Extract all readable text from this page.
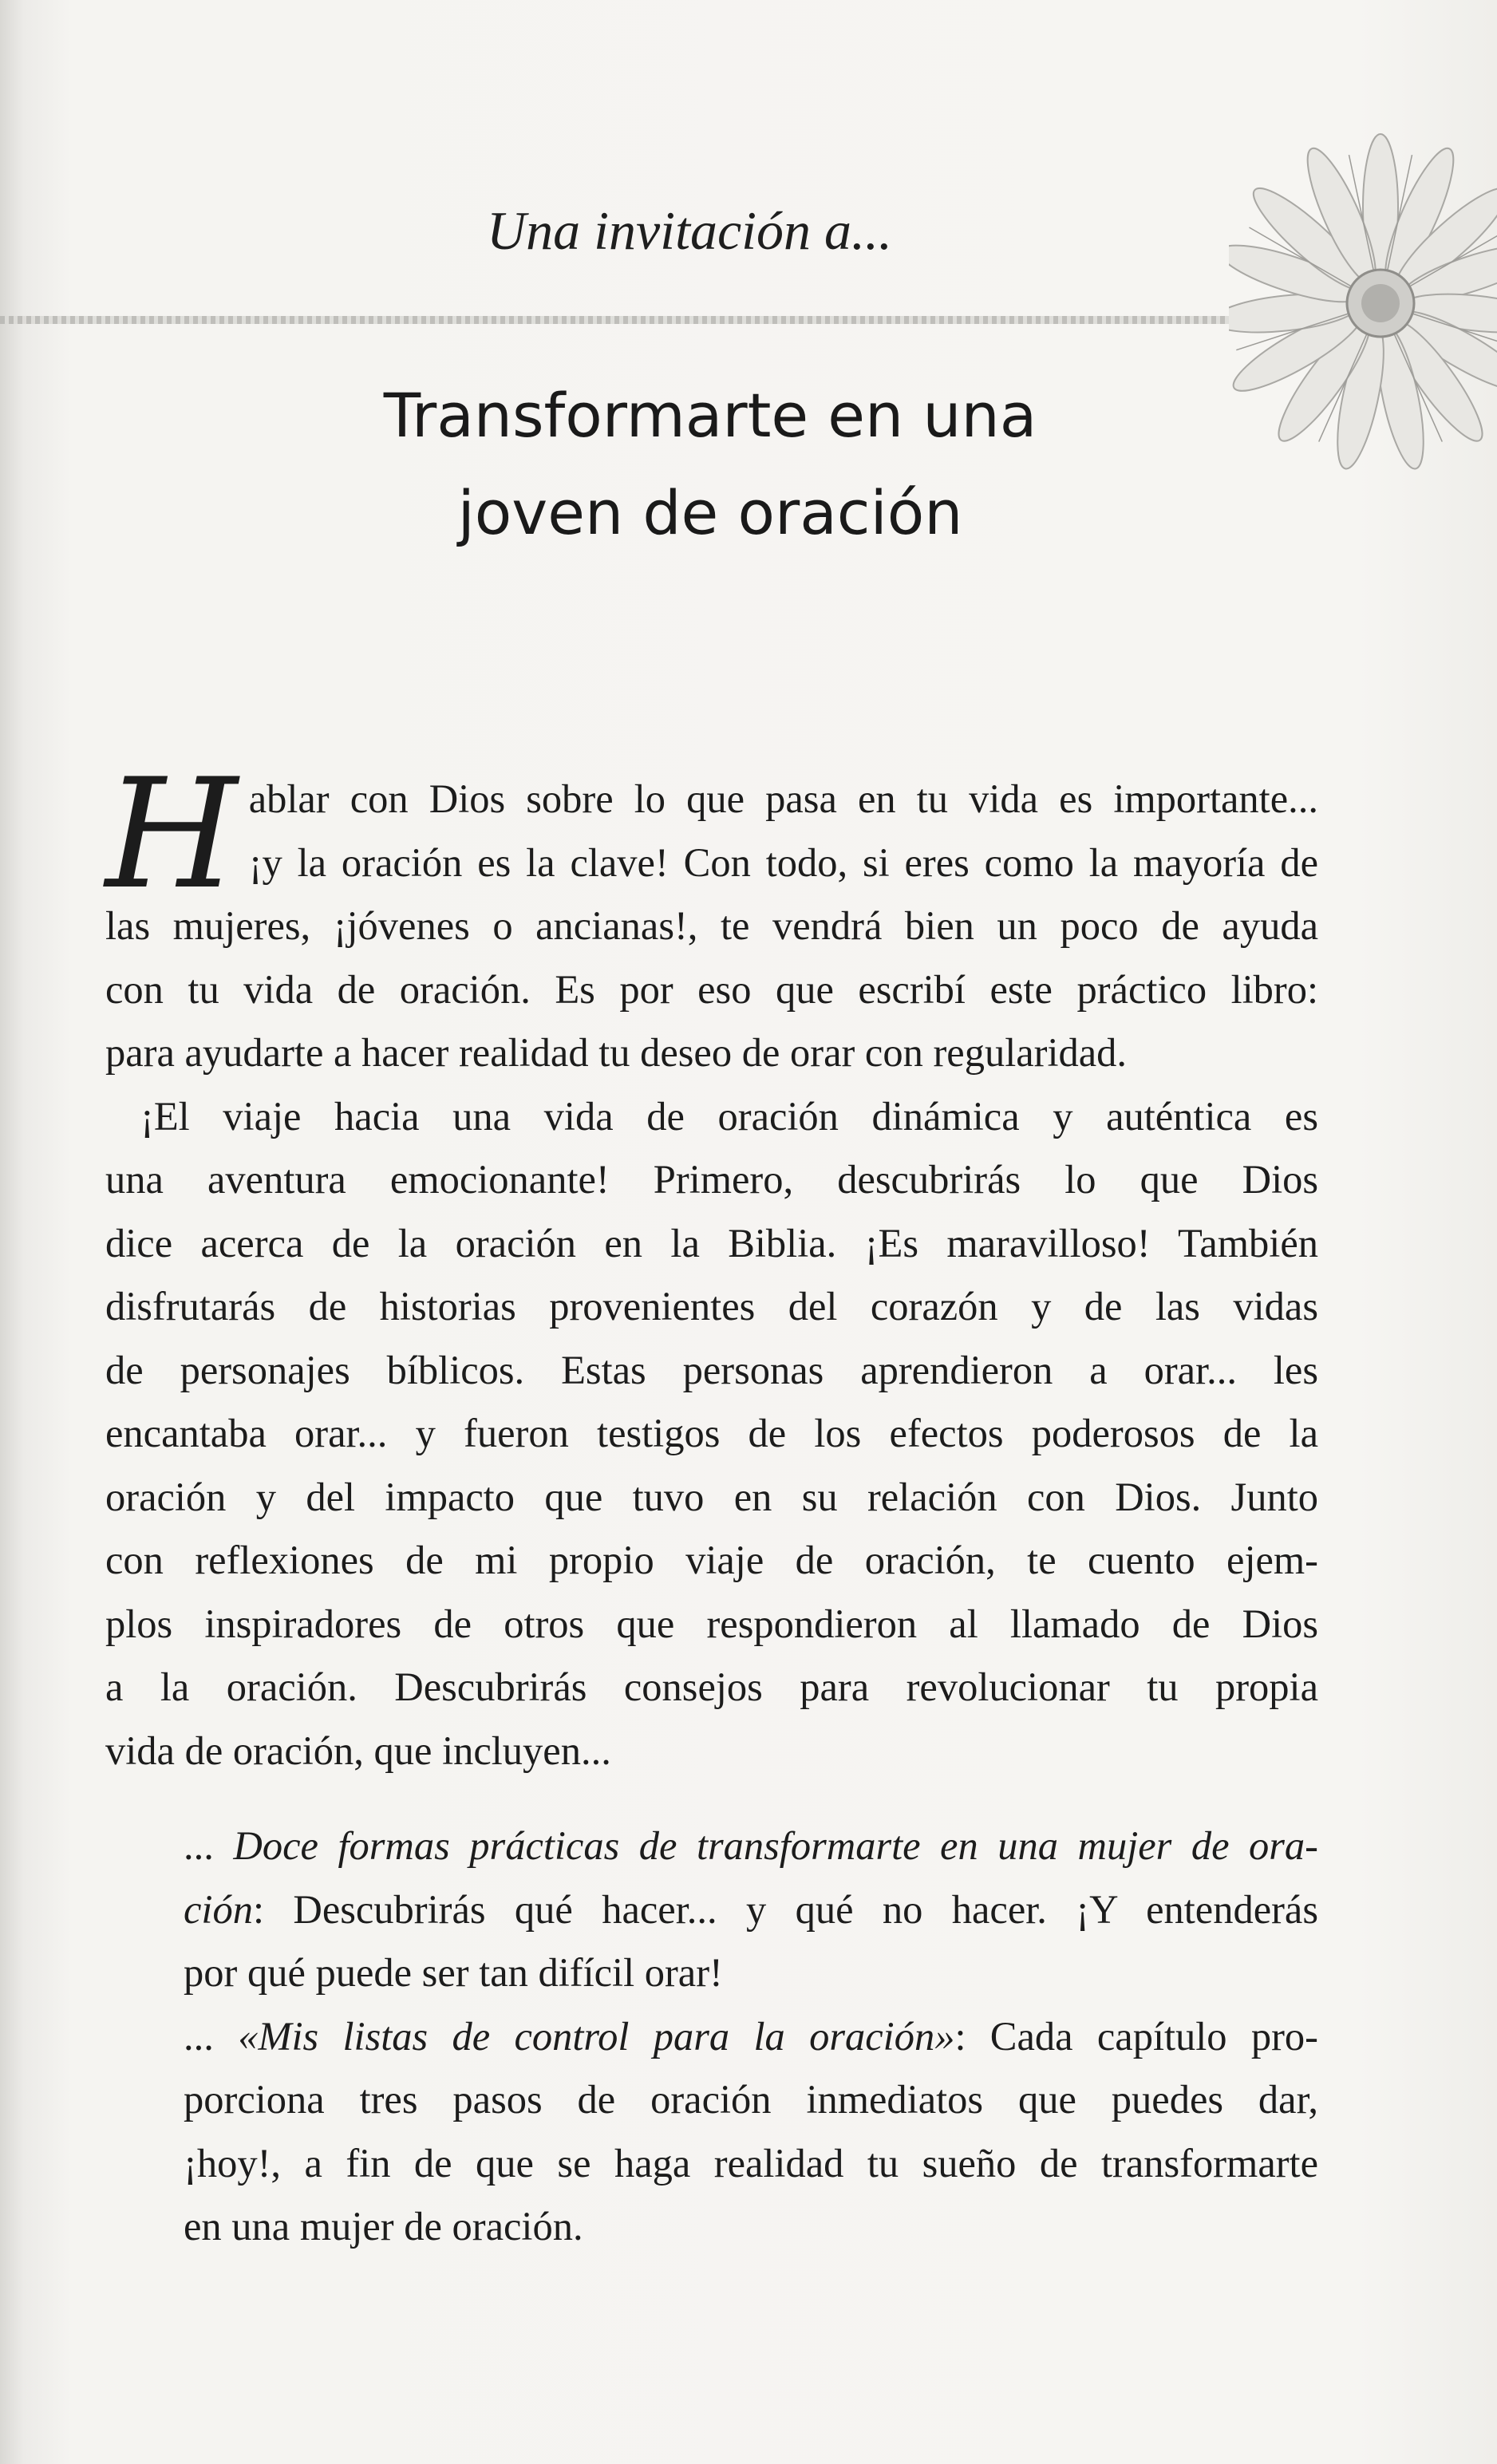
Una invitación a...
Transformarte en una
joven de oración

H ablar con Dios sobre lo que pasa en tu vida es importante...
¡y la oración es la clave! Con todo, si eres como la mayoría de
las mujeres, ¡jóvenes o ancianas!, te vendrá bien un poco de ayuda
con tu vida de oración. Es por eso que escribí este práctico libro:
para ayudarte a hacer realidad tu deseo de orar con regularidad.

¡El viaje hacia una vida de oración dinámica y auténtica es
una aventura emocionante! Primero, descubrirás lo que Dios
dice acerca de la oración en la Biblia. ¡Es maravilloso! También
disfrutarás de historias provenientes del corazón y de las vidas
de personajes bíblicos. Estas personas aprendieron a orar... les
encantaba orar... y fueron testigos de los efectos poderosos de la
oración y del impacto que tuvo en su relación con Dios. Junto
con reflexiones de mi propio viaje de oración, te cuento ejem-
plos inspiradores de otros que respondieron al llamado de Dios
a la oración. Descubrirás consejos para revolucionar tu propia
vida de oración, que incluyen...

... Doce formas prácticas de transformarte en una mujer de ora-
ción: Descubrirás qué hacer... y qué no hacer. ¡Y entenderás
por qué puede ser tan difícil orar!

... «Mis listas de control para la oración»: Cada capítulo pro-
porciona tres pasos de oración inmediatos que puedes dar,
¡hoy!, a fin de que se haga realidad tu sueño de transformarte
en una mujer de oración.
